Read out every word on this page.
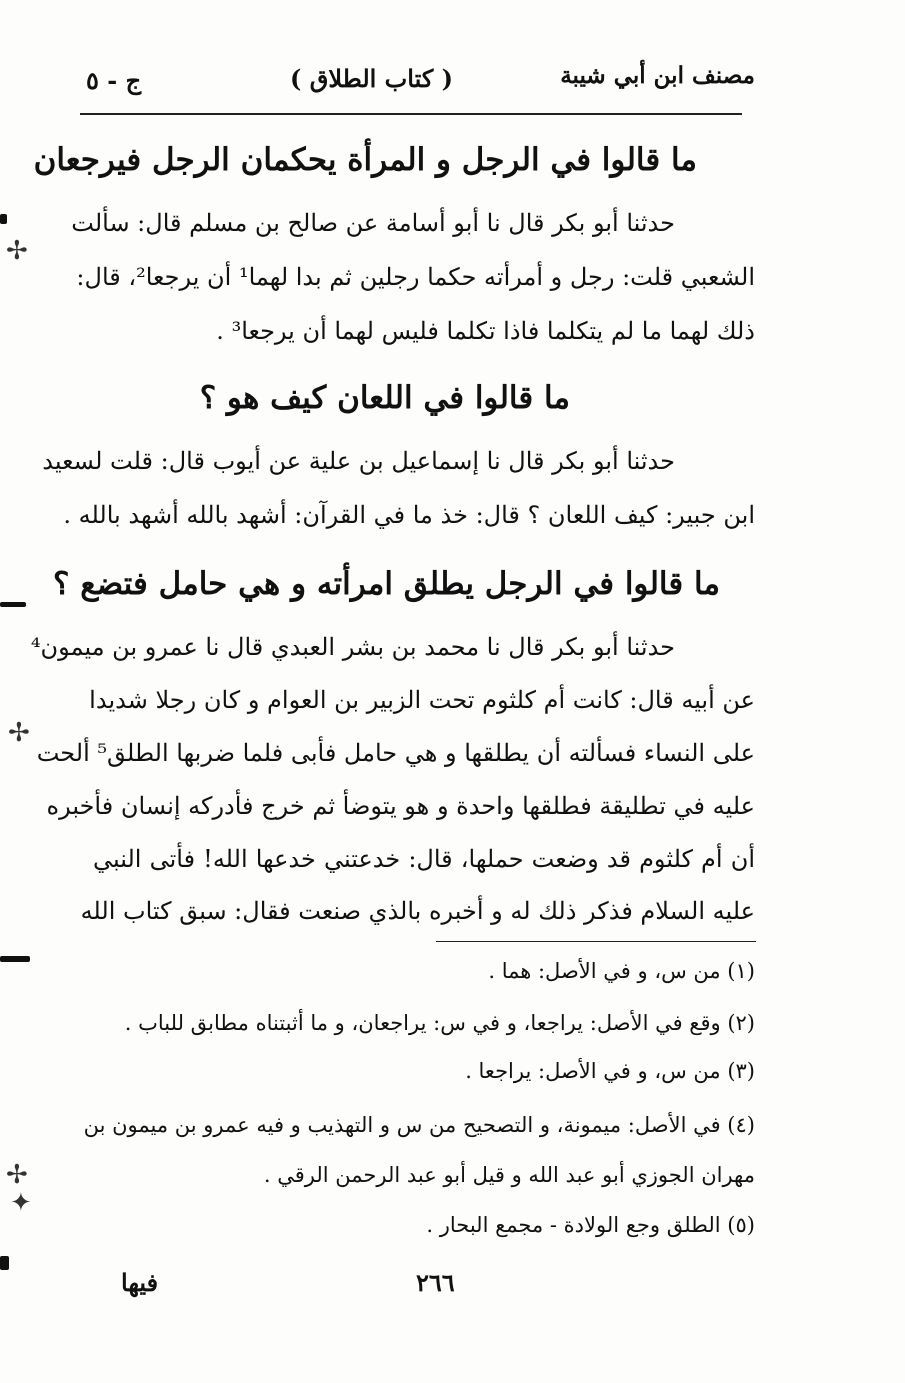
مصنف ابن أبي شيبة
( كتاب الطلاق )
ج - ٥
ما قالوا في الرجل و المرأة يحكمان الرجل فيرجعان
حدثنا أبو بكر قال نا أبو أسامة عن صالح بن مسلم قال: سألت
الشعبي قلت: رجل و أمرأته حكما رجلين ثم بدا لهما¹ أن يرجعا²، قال:
ذلك لهما ما لم يتكلما فاذا تكلما فليس لهما أن يرجعا³ .
ما قالوا في اللعان كيف هو ؟
حدثنا أبو بكر قال نا إسماعيل بن علية عن أيوب قال: قلت لسعيد
ابن جبير: كيف اللعان ؟ قال: خذ ما في القرآن: أشهد بالله أشهد بالله .
ما قالوا في الرجل يطلق امرأته و هي حامل فتضع ؟
حدثنا أبو بكر قال نا محمد بن بشر العبدي قال نا عمرو بن ميمون⁴
عن أبيه قال: كانت أم كلثوم تحت الزبير بن العوام و كان رجلا شديدا
على النساء فسألته أن يطلقها و هي حامل فأبى فلما ضربها الطلق⁵ ألحت
عليه في تطليقة فطلقها واحدة و هو يتوضأ ثم خرج فأدركه إنسان فأخبره
أن أم كلثوم قد وضعت حملها، قال: خدعتني خدعها الله! فأتى النبي
عليه السلام فذكر ذلك له و أخبره بالذي صنعت فقال: سبق كتاب الله
(١) من س، و في الأصل: هما .
(٢) وقع في الأصل: يراجعا، و في س: يراجعان، و ما أثبتناه مطابق للباب .
(٣) من س، و في الأصل: يراجعا .
(٤) في الأصل: ميمونة، و التصحيح من س و التهذيب و فيه عمرو بن ميمون بن
مهران الجوزي أبو عبد الله و قيل أبو عبد الرحمن الرقي .
(٥) الطلق وجع الولادة - مجمع البحار .
٢٦٦
فيها
✢
✢
✢
✦
